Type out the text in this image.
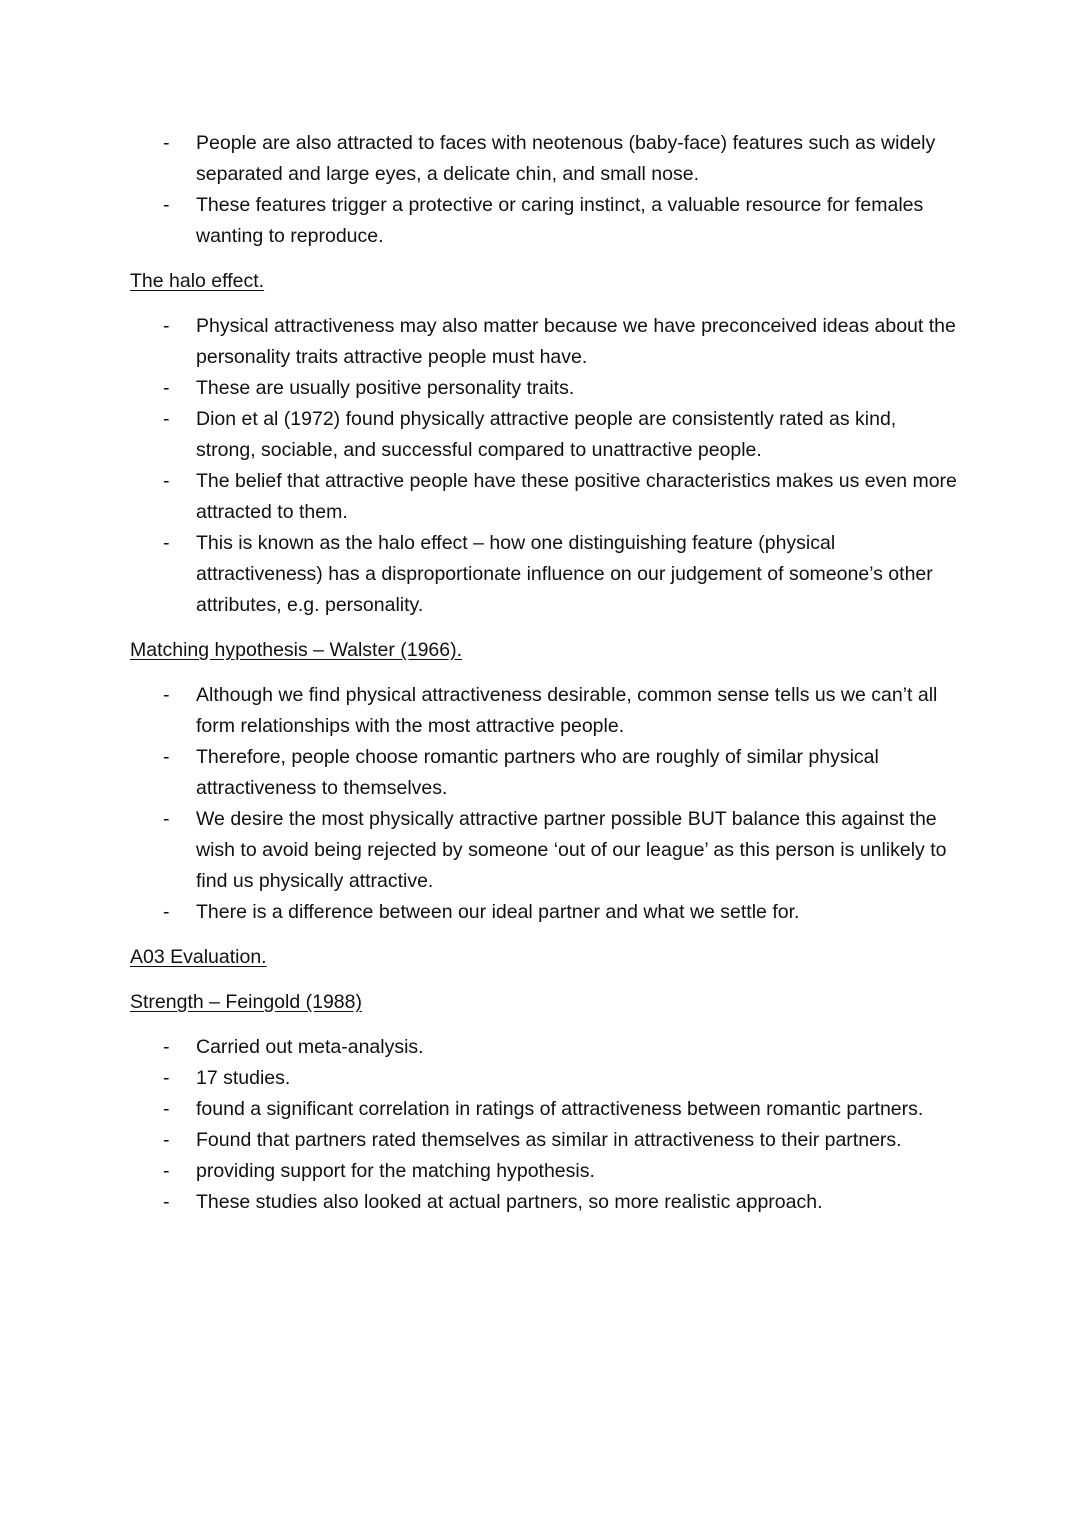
- People are also attracted to faces with neotenous (baby-face) features such as widely separated and large eyes, a delicate chin, and small nose.
- These features trigger a protective or caring instinct, a valuable resource for females wanting to reproduce.
The halo effect.
- Physical attractiveness may also matter because we have preconceived ideas about the personality traits attractive people must have.
- These are usually positive personality traits.
- Dion et al (1972) found physically attractive people are consistently rated as kind, strong, sociable, and successful compared to unattractive people.
- The belief that attractive people have these positive characteristics makes us even more attracted to them.
- This is known as the halo effect – how one distinguishing feature (physical attractiveness) has a disproportionate influence on our judgement of someone’s other attributes, e.g. personality.
Matching hypothesis – Walster (1966).
- Although we find physical attractiveness desirable, common sense tells us we can’t all form relationships with the most attractive people.
- Therefore, people choose romantic partners who are roughly of similar physical attractiveness to themselves.
- We desire the most physically attractive partner possible BUT balance this against the wish to avoid being rejected by someone ‘out of our league’ as this person is unlikely to find us physically attractive.
- There is a difference between our ideal partner and what we settle for.
A03 Evaluation.
Strength – Feingold (1988)
- Carried out meta-analysis.
- 17 studies.
- found a significant correlation in ratings of attractiveness between romantic partners.
- Found that partners rated themselves as similar in attractiveness to their partners.
- providing support for the matching hypothesis.
- These studies also looked at actual partners, so more realistic approach.
